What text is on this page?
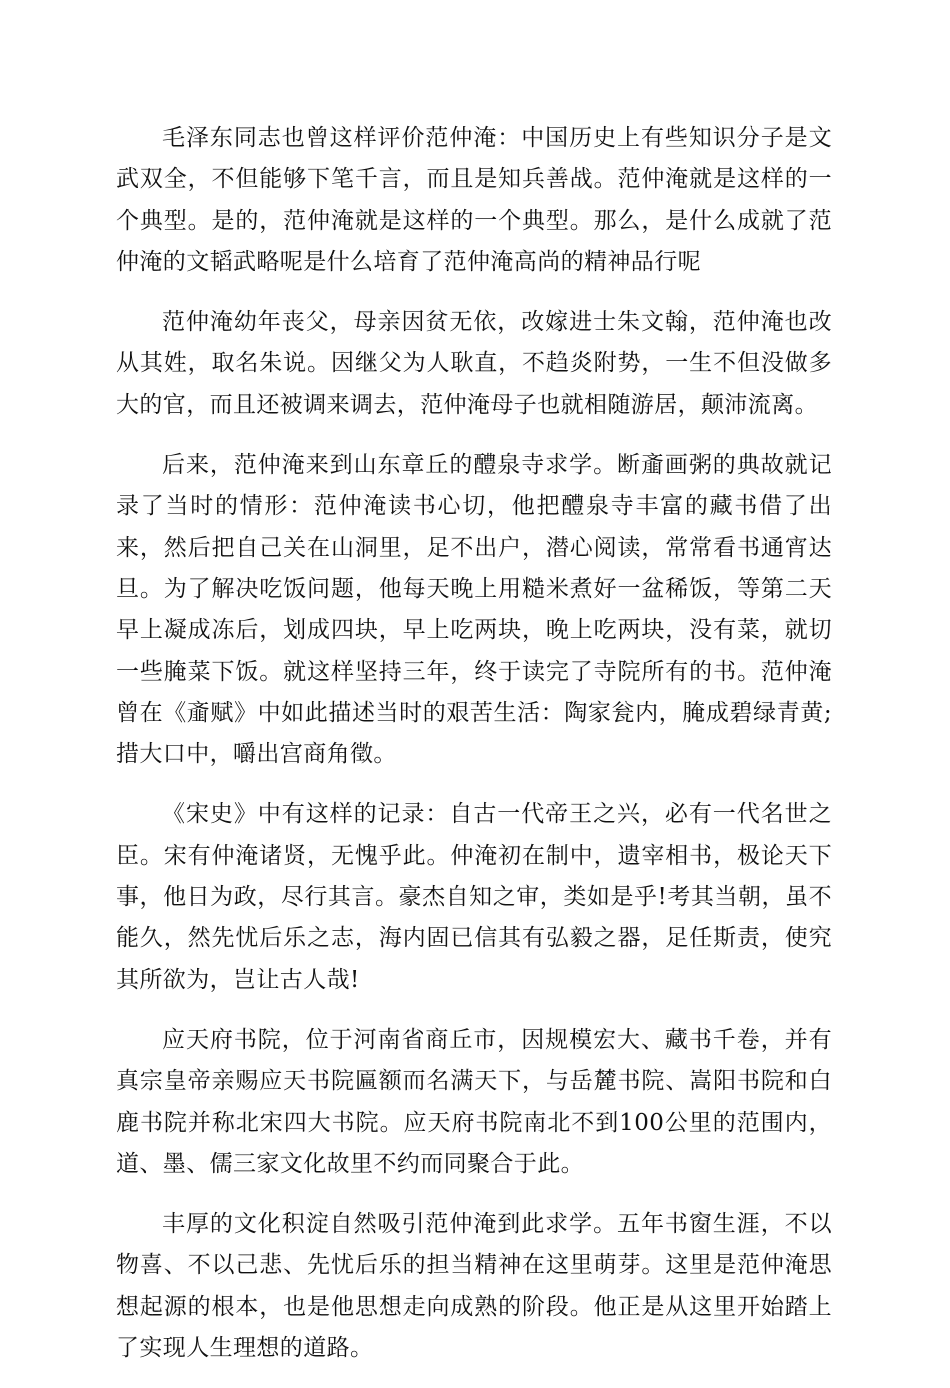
毛泽东同志也曾这样评价范仲淹：中国历史上有些知识分子是文武双全，不但能够下笔千言，而且是知兵善战。范仲淹就是这样的一个典型。是的，范仲淹就是这样的一个典型。那么，是什么成就了范仲淹的文韬武略呢是什么培育了范仲淹高尚的精神品行呢

范仲淹幼年丧父，母亲因贫无依，改嫁进士朱文翰，范仲淹也改从其姓，取名朱说。因继父为人耿直，不趋炎附势，一生不但没做多大的官，而且还被调来调去，范仲淹母子也就相随游居，颠沛流离。

后来，范仲淹来到山东章丘的醴泉寺求学。断齑画粥的典故就记录了当时的情形：范仲淹读书心切，他把醴泉寺丰富的藏书借了出来，然后把自己关在山洞里，足不出户，潜心阅读，常常看书通宵达旦。为了解决吃饭问题，他每天晚上用糙米煮好一盆稀饭，等第二天早上凝成冻后，划成四块，早上吃两块，晚上吃两块，没有菜，就切一些腌菜下饭。就这样坚持三年，终于读完了寺院所有的书。范仲淹曾在《齑赋》中如此描述当时的艰苦生活：陶家瓮内，腌成碧绿青黄;措大口中，嚼出宫商角徵。

《宋史》中有这样的记录：自古一代帝王之兴，必有一代名世之臣。宋有仲淹诸贤，无愧乎此。仲淹初在制中，遗宰相书，极论天下事，他日为政，尽行其言。豪杰自知之审，类如是乎!考其当朝，虽不能久，然先忧后乐之志，海内固已信其有弘毅之器，足任斯责，使究其所欲为，岂让古人哉!

应天府书院，位于河南省商丘市，因规模宏大、藏书千卷，并有真宗皇帝亲赐应天书院匾额而名满天下，与岳麓书院、嵩阳书院和白鹿书院并称北宋四大书院。应天府书院南北不到100公里的范围内，道、墨、儒三家文化故里不约而同聚合于此。

丰厚的文化积淀自然吸引范仲淹到此求学。五年书窗生涯，不以物喜、不以己悲、先忧后乐的担当精神在这里萌芽。这里是范仲淹思想起源的根本，也是他思想走向成熟的阶段。他正是从这里开始踏上了实现人生理想的道路。
